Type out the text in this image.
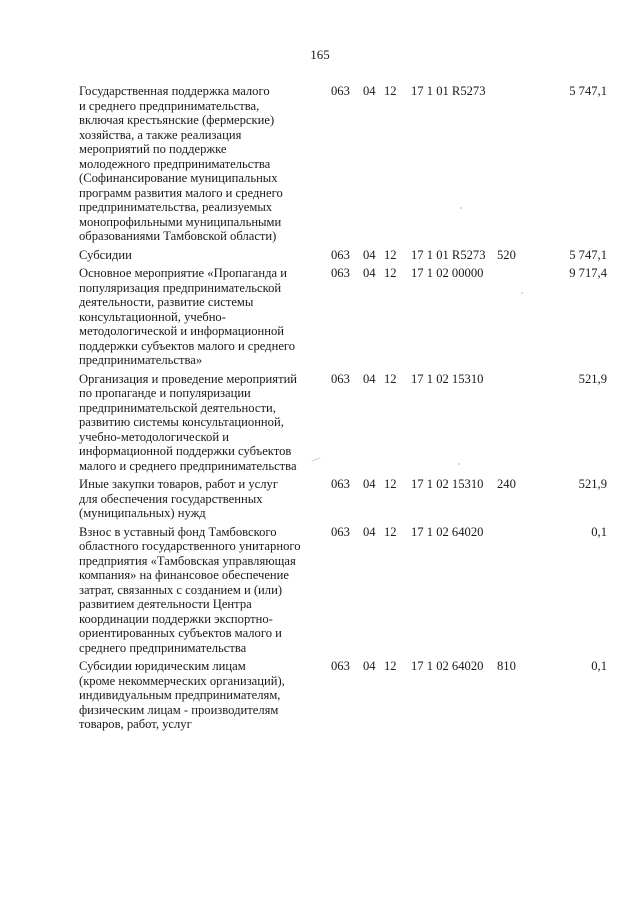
165
Государственная поддержка малого
и среднего предпринимательства,
включая крестьянские (фермерские)
хозяйства, а также реализация
мероприятий по поддержке
молодежного предпринимательства
(Софинансирование муниципальных
программ развития малого и среднего
предпринимательства, реализуемых
монопрофильными муниципальными
образованиями Тамбовской области)
063 04 12 17 1 01 R5273	5 747,1
Субсидии	063 04 12 17 1 01 R5273 520	5 747,1
Основное мероприятие «Пропаганда и
популяризация предпринимательской
деятельности, развитие системы
консультационной, учебно-
методологической и информационной
поддержки субъектов малого и среднего
предпринимательства»
063 04 12 17 1 02 00000	9 717,4
Организация и проведение мероприятий
по пропаганде и популяризации
предпринимательской деятельности,
развитию системы консультационной,
учебно-методологической и
информационной поддержки субъектов
малого и среднего предпринимательства
063 04 12 17 1 02 15310	521,9
Иные закупки товаров, работ и услуг
для обеспечения государственных
(муниципальных) нужд
063 04 12 17 1 02 15310 240	521,9
Взнос в уставный фонд Тамбовского
областного государственного унитарного
предприятия «Тамбовская управляющая
компания» на финансовое обеспечение
затрат, связанных с созданием и (или)
развитием деятельности Центра
координации поддержки экспортно-
ориентированных субъектов малого и
среднего предпринимательства
063 04 12 17 1 02 64020	0,1
Субсидии юридическим лицам
(кроме некоммерческих организаций),
индивидуальным предпринимателям,
физическим лицам - производителям
товаров, работ, услуг
063 04 12 17 1 02 64020 810	0,1
